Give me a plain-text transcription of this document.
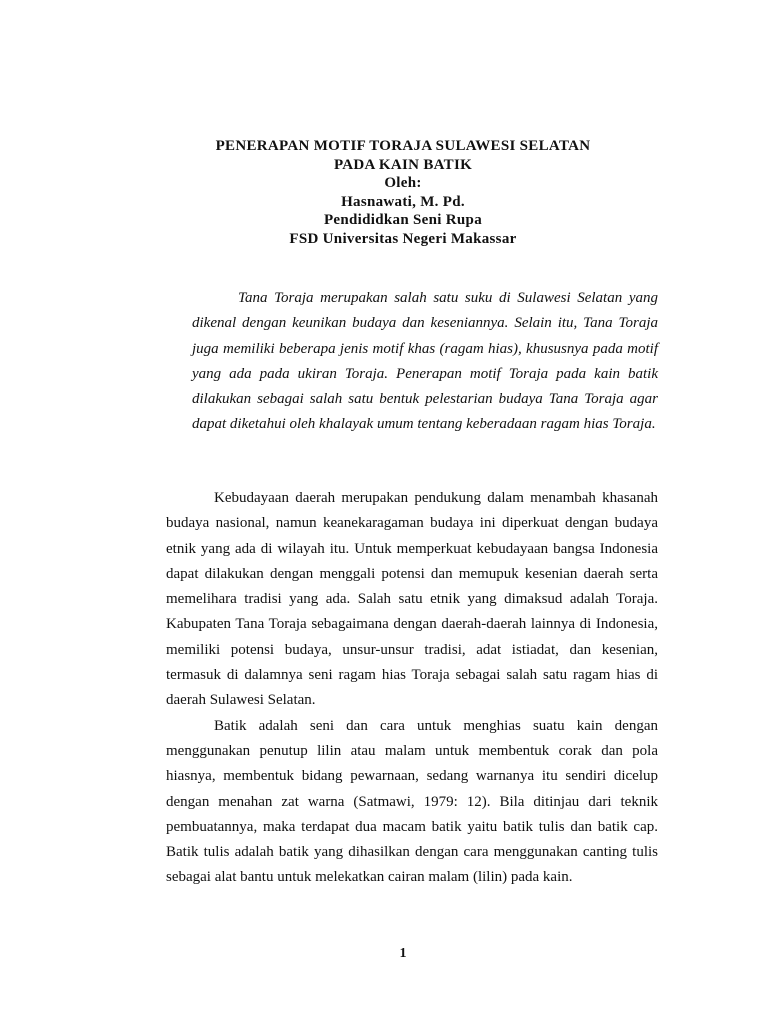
PENERAPAN MOTIF TORAJA SULAWESI SELATAN
PADA KAIN BATIK
Oleh:
Hasnawati, M. Pd.
Pendididkan Seni Rupa
FSD Universitas Negeri Makassar

Tana Toraja merupakan salah satu suku di Sulawesi Selatan yang dikenal dengan keunikan budaya dan keseniannya. Selain itu, Tana Toraja juga memiliki beberapa jenis motif khas (ragam hias), khususnya pada motif yang ada pada ukiran Toraja. Penerapan motif Toraja pada kain batik dilakukan sebagai salah satu bentuk pelestarian budaya Tana Toraja agar dapat diketahui oleh khalayak umum tentang keberadaan ragam hias Toraja.

Kebudayaan daerah merupakan pendukung dalam menambah khasanah budaya nasional, namun keanekaragaman budaya ini diperkuat dengan budaya etnik yang ada di wilayah itu. Untuk memperkuat kebudayaan bangsa Indonesia dapat dilakukan dengan menggali potensi dan memupuk kesenian daerah serta memelihara tradisi yang ada. Salah satu etnik yang dimaksud adalah Toraja. Kabupaten Tana Toraja sebagaimana dengan daerah-daerah lainnya di Indonesia, memiliki potensi budaya, unsur-unsur tradisi, adat istiadat, dan kesenian, termasuk di dalamnya seni ragam hias Toraja sebagai salah satu ragam hias di daerah Sulawesi Selatan.

Batik adalah seni dan cara untuk menghias suatu kain dengan menggunakan penutup lilin atau malam untuk membentuk corak dan pola hiasnya, membentuk bidang pewarnaan, sedang warnanya itu sendiri dicelup dengan menahan zat warna (Satmawi, 1979: 12). Bila ditinjau dari teknik pembuatannya, maka terdapat dua macam batik yaitu batik tulis dan batik cap. Batik tulis adalah batik yang dihasilkan dengan cara menggunakan canting tulis sebagai alat bantu untuk melekatkan cairan malam (lilin) pada kain.

1
